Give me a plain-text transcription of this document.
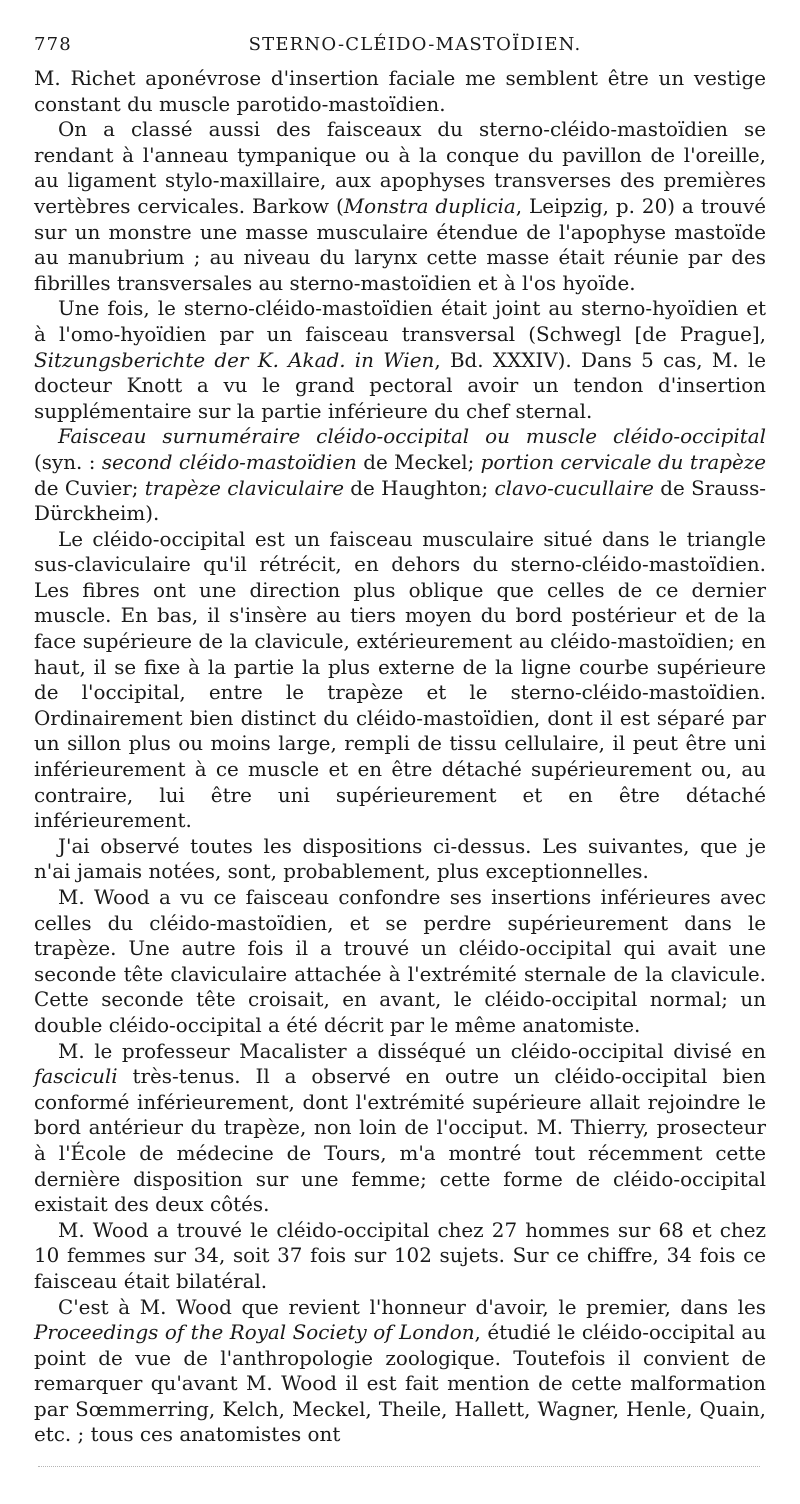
778	STERNO-CLÉIDO-MASTOÏDIEN.

M. Richet aponévrose d'insertion faciale me semblent être un vestige constant du muscle parotido-mastoïdien.

On a classé aussi des faisceaux du sterno-cléido-mastoïdien se rendant à l'anneau tympanique ou à la conque du pavillon de l'oreille, au ligament stylo-maxillaire, aux apophyses transverses des premières vertèbres cervicales. Barkow (Monstra duplicia, Leipzig, p. 20) a trouvé sur un monstre une masse musculaire étendue de l'apophyse mastoïde au manubrium ; au niveau du larynx cette masse était réunie par des fibrilles transversales au sterno-mastoïdien et à l'os hyoïde.

Une fois, le sterno-cléido-mastoïdien était joint au sterno-hyoïdien et à l'omo-hyoïdien par un faisceau transversal (Schwegl [de Prague], Sitzungsberichte der K. Akad. in Wien, Bd. XXXIV). Dans 5 cas, M. le docteur Knott a vu le grand pectoral avoir un tendon d'insertion supplémentaire sur la partie inférieure du chef sternal.

Faisceau surnuméraire cléido-occipital ou muscle cléido-occipital (syn. : second cléido-mastoïdien de Meckel; portion cervicale du trapèze de Cuvier; trapèze claviculaire de Haughton; clavo-cucullaire de Srauss-Dürckheim).

Le cléido-occipital est un faisceau musculaire situé dans le triangle sus-claviculaire qu'il rétrécit, en dehors du sterno-cléido-mastoïdien. Les fibres ont une direction plus oblique que celles de ce dernier muscle. En bas, il s'insère au tiers moyen du bord postérieur et de la face supérieure de la clavicule, extérieurement au cléido-mastoïdien; en haut, il se fixe à la partie la plus externe de la ligne courbe supérieure de l'occipital, entre le trapèze et le sterno-cléido-mastoïdien. Ordinairement bien distinct du cléido-mastoïdien, dont il est séparé par un sillon plus ou moins large, rempli de tissu cellulaire, il peut être uni inférieurement à ce muscle et en être détaché supérieurement ou, au contraire, lui être uni supérieurement et en être détaché inférieurement.

J'ai observé toutes les dispositions ci-dessus. Les suivantes, que je n'ai jamais notées, sont, probablement, plus exceptionnelles.

M. Wood a vu ce faisceau confondre ses insertions inférieures avec celles du cléido-mastoïdien, et se perdre supérieurement dans le trapèze. Une autre fois il a trouvé un cléido-occipital qui avait une seconde tête claviculaire attachée à l'extrémité sternale de la clavicule. Cette seconde tête croisait, en avant, le cléido-occipital normal; un double cléido-occipital a été décrit par le même anatomiste.

M. le professeur Macalister a disséqué un cléido-occipital divisé en fasciculi très-tenus. Il a observé en outre un cléido-occipital bien conformé inférieurement, dont l'extrémité supérieure allait rejoindre le bord antérieur du trapèze, non loin de l'occiput. M. Thierry, prosecteur à l'École de médecine de Tours, m'a montré tout récemment cette dernière disposition sur une femme; cette forme de cléido-occipital existait des deux côtés.

M. Wood a trouvé le cléido-occipital chez 27 hommes sur 68 et chez 10 femmes sur 34, soit 37 fois sur 102 sujets. Sur ce chiffre, 34 fois ce faisceau était bilatéral.

C'est à M. Wood que revient l'honneur d'avoir, le premier, dans les Proceedings of the Royal Society of London, étudié le cléido-occipital au point de vue de l'anthropologie zoologique. Toutefois il convient de remarquer qu'avant M. Wood il est fait mention de cette malformation par Sœmmerring, Kelch, Meckel, Theile, Hallett, Wagner, Henle, Quain, etc. ; tous ces anatomistes ont
